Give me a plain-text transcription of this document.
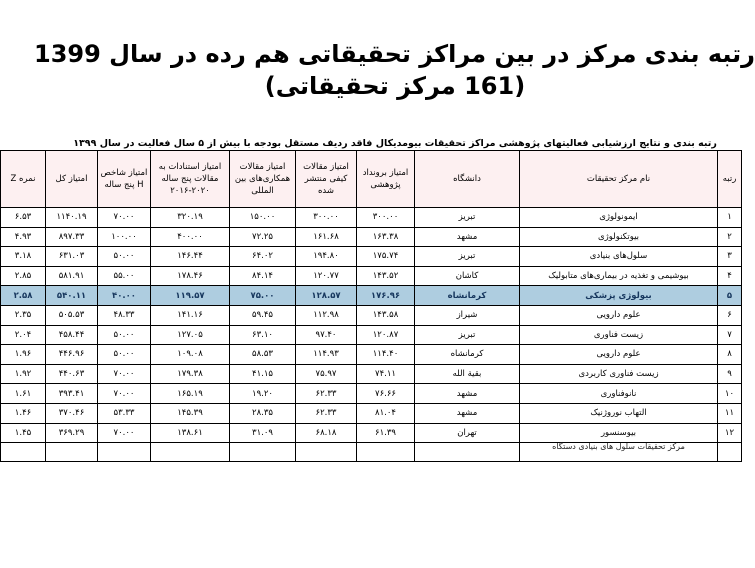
رتبه بندی مرکز در بین مراکز تحقیقاتی هم رده در سال 1399
(161 مرکز تحقیقاتی)
رتبه بندی و نتایج ارزشیابی فعالیتهای پژوهشی مراکز تحقیقات بیومدیکال فاقد ردیف مستقل بودجه با بیش از ۵ سال فعالیت در سال ۱۳۹۹
رتبه	نام مرکز تحقیقات	دانشگاه	امتیاز برونداد پژوهشی	امتیاز مقالات کیفی منتشر شده	امتیاز مقالات همکاری‌های بین المللی	امتیاز استنادات به مقالات پنج ساله ۲۰۲۰-۲۰۱۶	امتیاز شاخص H پنج ساله	امتیاز کل	نمره Z
۱	ایمونولوژی	تبریز	۳۰۰.۰۰	۳۰۰.۰۰	۱۵۰.۰۰	۳۲۰.۱۹	۷۰.۰۰	۱۱۴۰.۱۹	۶.۵۳
۲	بیوتکنولوژی	مشهد	۱۶۳.۳۸	۱۶۱.۶۸	۷۲.۲۵	۴۰۰.۰۰	۱۰۰.۰۰	۸۹۷.۳۳	۴.۹۳
۳	سلول‌های بنیادی	تبریز	۱۷۵.۷۴	۱۹۴.۸۰	۶۴.۰۲	۱۴۶.۴۴	۵۰.۰۰	۶۳۱.۰۳	۳.۱۸
۴	بیوشیمی و تغذیه در بیماری‌های متابولیک	کاشان	۱۴۳.۵۲	۱۲۰.۷۷	۸۴.۱۴	۱۷۸.۴۶	۵۵.۰۰	۵۸۱.۹۱	۲.۸۵
۵	بیولوژی پزشکی	کرمانشاه	۱۷۶.۹۶	۱۲۸.۵۷	۷۵.۰۰	۱۱۹.۵۷	۴۰.۰۰	۵۴۰.۱۱	۲.۵۸
۶	علوم دارویی	شیراز	۱۴۳.۵۸	۱۱۲.۹۸	۵۹.۴۵	۱۴۱.۱۶	۴۸.۳۳	۵۰۵.۵۳	۲.۳۵
۷	زیست فناوری	تبریز	۱۲۰.۸۷	۹۷.۴۰	۶۳.۱۰	۱۲۷.۰۵	۵۰.۰۰	۴۵۸.۴۴	۲.۰۴
۸	علوم دارویی	کرمانشاه	۱۱۴.۴۰	۱۱۴.۹۳	۵۸.۵۳	۱۰۹.۰۸	۵۰.۰۰	۴۴۶.۹۶	۱.۹۶
۹	زیست فناوری کاربردی	بقیة الله	۷۴.۱۱	۷۵.۹۷	۴۱.۱۵	۱۷۹.۳۸	۷۰.۰۰	۴۴۰.۶۳	۱.۹۲
۱۰	نانوفناوری	مشهد	۷۶.۶۶	۶۲.۳۳	۱۹.۲۰	۱۶۵.۱۹	۷۰.۰۰	۳۹۳.۴۱	۱.۶۱
۱۱	التهاب نوروژنیک	مشهد	۸۱.۰۴	۶۲.۳۳	۲۸.۳۵	۱۴۵.۳۹	۵۳.۳۳	۳۷۰.۴۶	۱.۴۶
۱۲	بیوسنسور	تهران	۶۱.۳۹	۶۸.۱۸	۳۱.۰۹	۱۳۸.۶۱	۷۰.۰۰	۳۶۹.۲۹	۱.۴۵
	مرکز تحقیقات سلول های بنیادی دستگاه								
